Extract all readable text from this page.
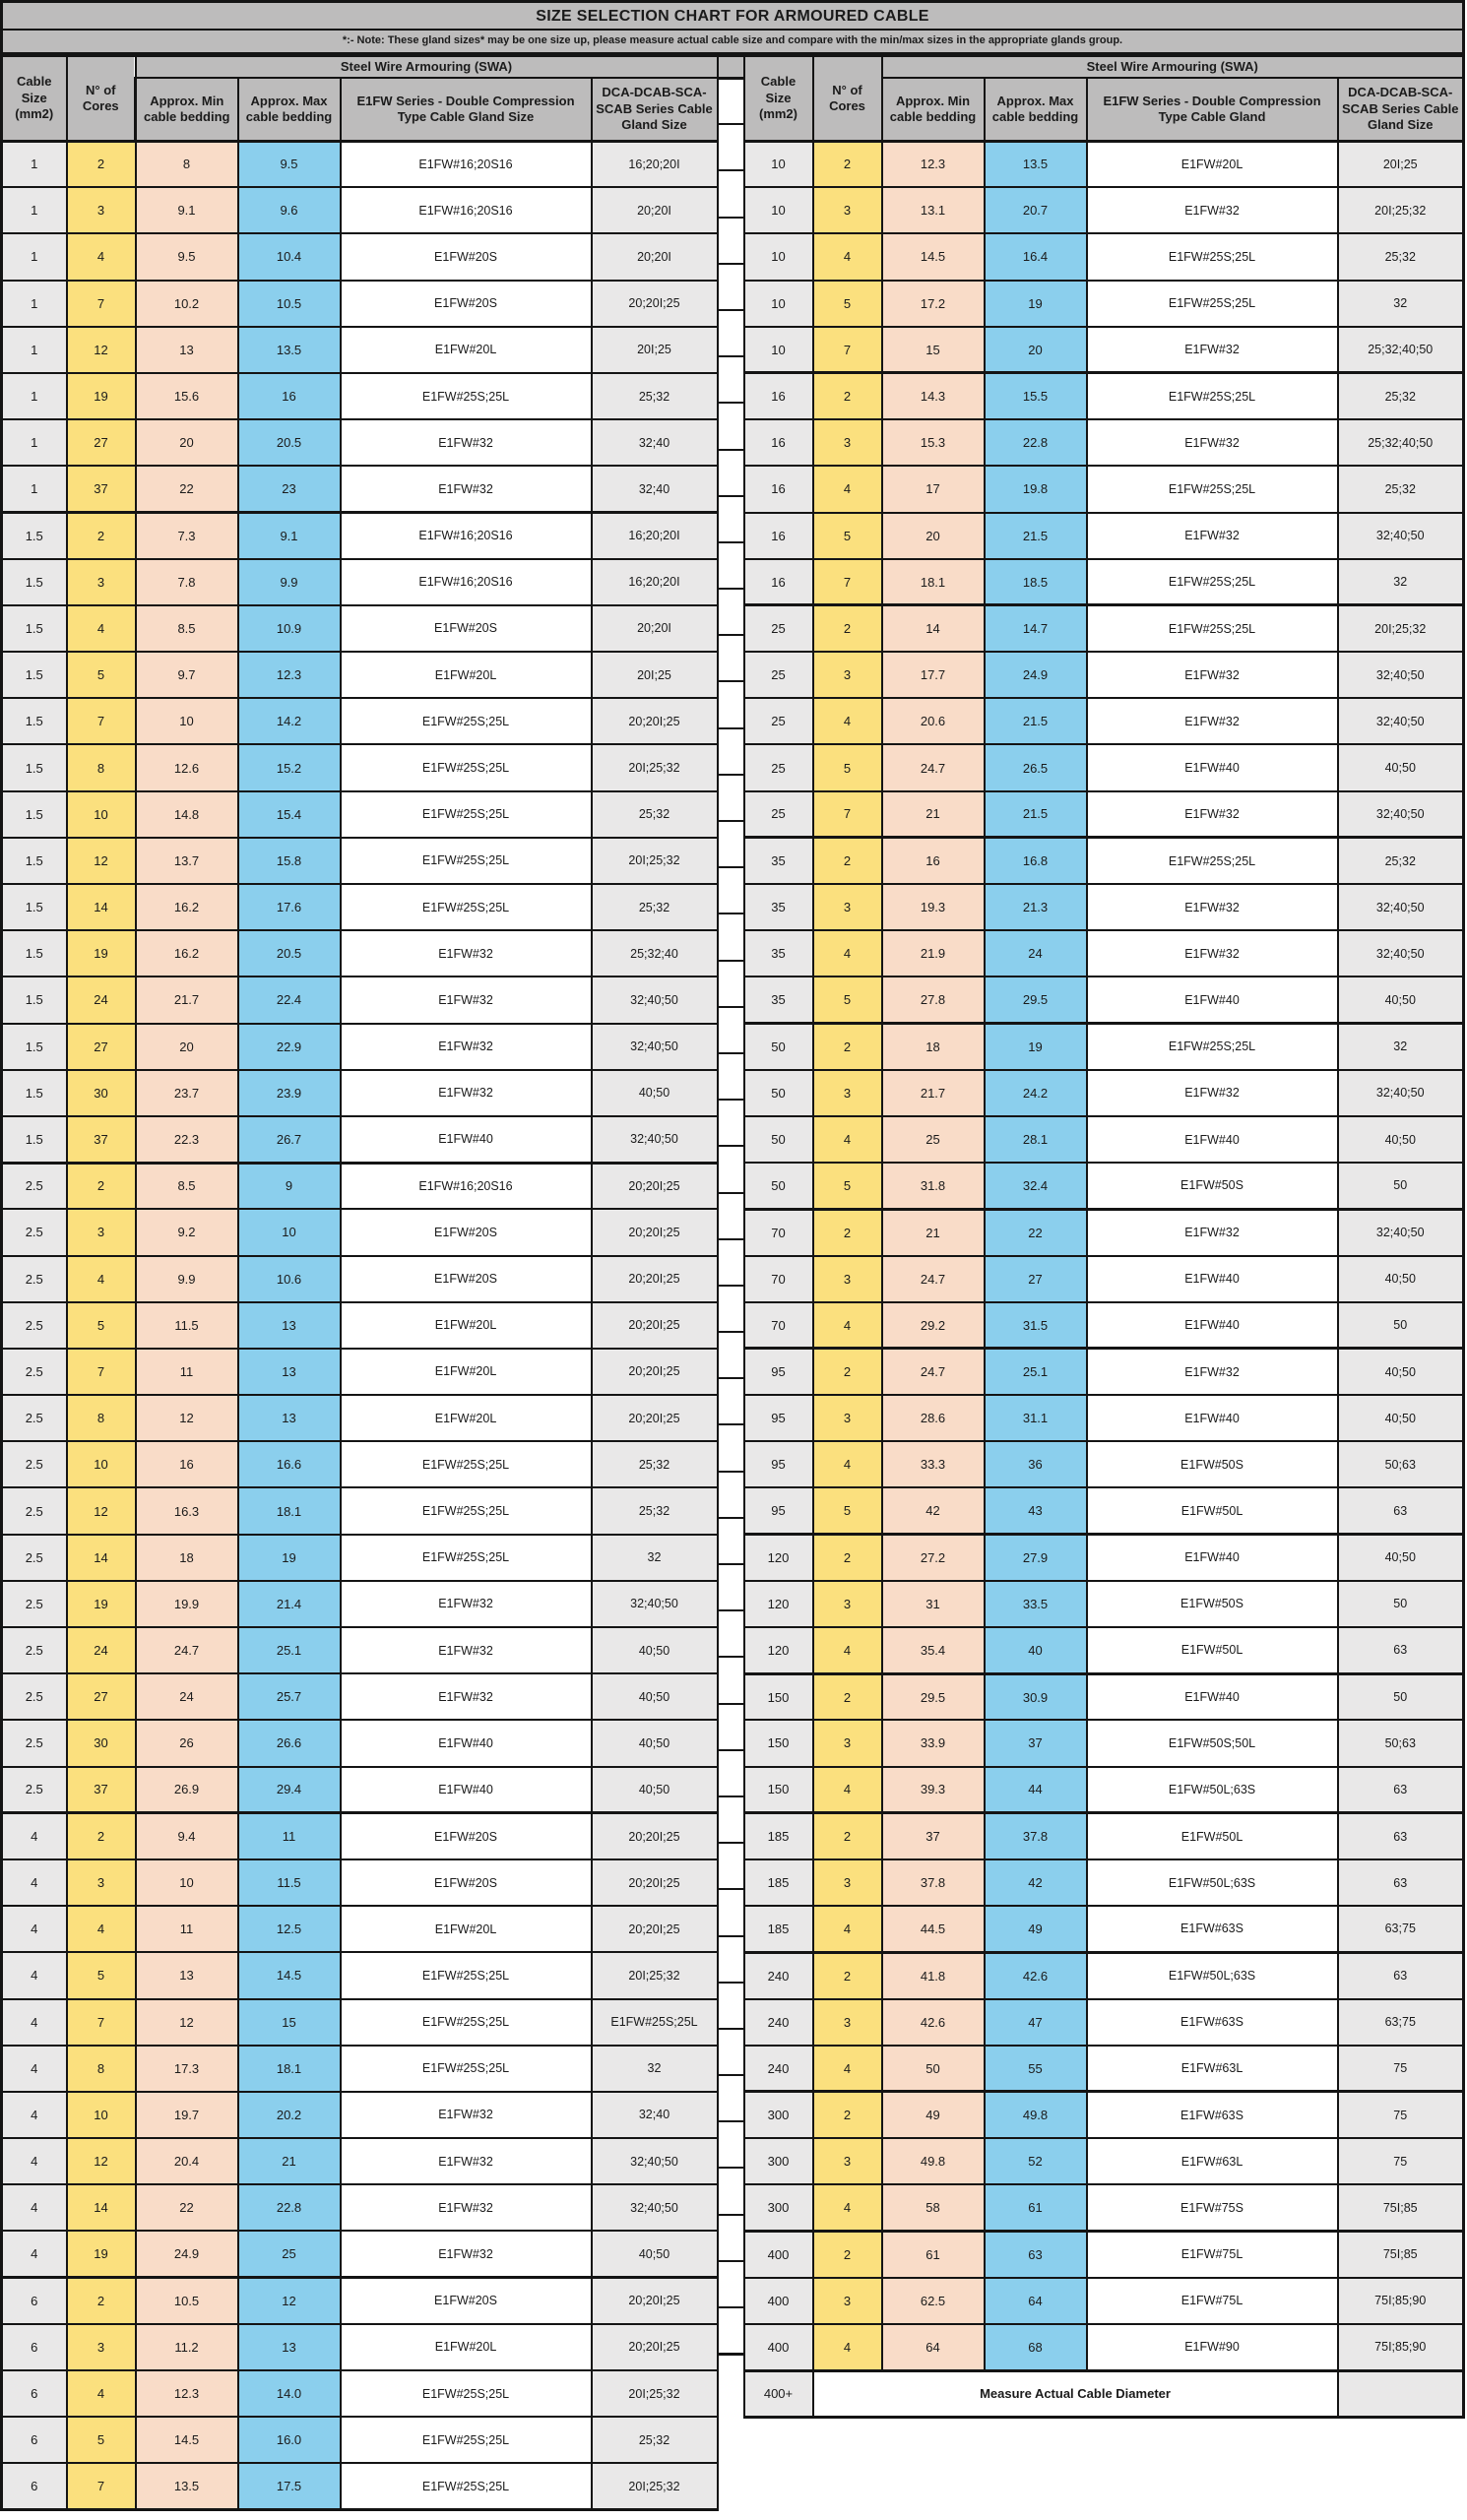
SIZE SELECTION CHART FOR ARMOURED CABLE
*:- Note: These gland sizes* may be one size up, please measure actual cable size and compare with the min/max sizes in the appropriate glands group.
Cable Size (mm2)	N° of Cores	Steel Wire Armouring (SWA)			
		Approx. Min cable bedding	Approx. Max cable bedding	E1FW Series - Double Compression Type Cable Gland Size	DCA-DCAB-SCA-SCAB Series Cable Gland Size
1	2	8	9.5	E1FW#16;20S16	16;20;20I
1	3	9.1	9.6	E1FW#16;20S16	20;20I
1	4	9.5	10.4	E1FW#20S	20;20I
1	7	10.2	10.5	E1FW#20S	20;20I;25
1	12	13	13.5	E1FW#20L	20I;25
1	19	15.6	16	E1FW#25S;25L	25;32
1	27	20	20.5	E1FW#32	32;40
1	37	22	23	E1FW#32	32;40
1.5	2	7.3	9.1	E1FW#16;20S16	16;20;20I
1.5	3	7.8	9.9	E1FW#16;20S16	16;20;20I
1.5	4	8.5	10.9	E1FW#20S	20;20I
1.5	5	9.7	12.3	E1FW#20L	20I;25
1.5	7	10	14.2	E1FW#25S;25L	20;20I;25
1.5	8	12.6	15.2	E1FW#25S;25L	20I;25;32
1.5	10	14.8	15.4	E1FW#25S;25L	25;32
1.5	12	13.7	15.8	E1FW#25S;25L	20I;25;32
1.5	14	16.2	17.6	E1FW#25S;25L	25;32
1.5	19	16.2	20.5	E1FW#32	25;32;40
1.5	24	21.7	22.4	E1FW#32	32;40;50
1.5	27	20	22.9	E1FW#32	32;40;50
1.5	30	23.7	23.9	E1FW#32	40;50
1.5	37	22.3	26.7	E1FW#40	32;40;50
2.5	2	8.5	9	E1FW#16;20S16	20;20I;25
2.5	3	9.2	10	E1FW#20S	20;20I;25
2.5	4	9.9	10.6	E1FW#20S	20;20I;25
2.5	5	11.5	13	E1FW#20L	20;20I;25
2.5	7	11	13	E1FW#20L	20;20I;25
2.5	8	12	13	E1FW#20L	20;20I;25
2.5	10	16	16.6	E1FW#25S;25L	25;32
2.5	12	16.3	18.1	E1FW#25S;25L	25;32
2.5	14	18	19	E1FW#25S;25L	32
2.5	19	19.9	21.4	E1FW#32	32;40;50
2.5	24	24.7	25.1	E1FW#32	40;50
2.5	27	24	25.7	E1FW#32	40;50
2.5	30	26	26.6	E1FW#40	40;50
2.5	37	26.9	29.4	E1FW#40	40;50
4	2	9.4	11	E1FW#20S	20;20I;25
4	3	10	11.5	E1FW#20S	20;20I;25
4	4	11	12.5	E1FW#20L	20;20I;25
4	5	13	14.5	E1FW#25S;25L	20I;25;32
4	7	12	15	E1FW#25S;25L	E1FW#25S;25L
4	8	17.3	18.1	E1FW#25S;25L	32
4	10	19.7	20.2	E1FW#32	32;40
4	12	20.4	21	E1FW#32	32;40;50
4	14	22	22.8	E1FW#32	32;40;50
4	19	24.9	25	E1FW#32	40;50
6	2	10.5	12	E1FW#20S	20;20I;25
6	3	11.2	13	E1FW#20L	20;20I;25
6	4	12.3	14.0	E1FW#25S;25L	20I;25;32
6	5	14.5	16.0	E1FW#25S;25L	25;32
6	7	13.5	17.5	E1FW#25S;25L	20I;25;32

Cable Size (mm2)	N° of Cores	Steel Wire Armouring (SWA)			
		Approx. Min cable bedding	Approx. Max cable bedding	E1FW Series - Double Compression Type Cable Gland	DCA-DCAB-SCA-SCAB Series Cable Gland Size
10	2	12.3	13.5	E1FW#20L	20I;25
10	3	13.1	20.7	E1FW#32	20I;25;32
10	4	14.5	16.4	E1FW#25S;25L	25;32
10	5	17.2	19	E1FW#25S;25L	32
10	7	15	20	E1FW#32	25;32;40;50
16	2	14.3	15.5	E1FW#25S;25L	25;32
16	3	15.3	22.8	E1FW#32	25;32;40;50
16	4	17	19.8	E1FW#25S;25L	25;32
16	5	20	21.5	E1FW#32	32;40;50
16	7	18.1	18.5	E1FW#25S;25L	32
25	2	14	14.7	E1FW#25S;25L	20I;25;32
25	3	17.7	24.9	E1FW#32	32;40;50
25	4	20.6	21.5	E1FW#32	32;40;50
25	5	24.7	26.5	E1FW#40	40;50
25	7	21	21.5	E1FW#32	32;40;50
35	2	16	16.8	E1FW#25S;25L	25;32
35	3	19.3	21.3	E1FW#32	32;40;50
35	4	21.9	24	E1FW#32	32;40;50
35	5	27.8	29.5	E1FW#40	40;50
50	2	18	19	E1FW#25S;25L	32
50	3	21.7	24.2	E1FW#32	32;40;50
50	4	25	28.1	E1FW#40	40;50
50	5	31.8	32.4	E1FW#50S	50
70	2	21	22	E1FW#32	32;40;50
70	3	24.7	27	E1FW#40	40;50
70	4	29.2	31.5	E1FW#40	50
95	2	24.7	25.1	E1FW#32	40;50
95	3	28.6	31.1	E1FW#40	40;50
95	4	33.3	36	E1FW#50S	50;63
95	5	42	43	E1FW#50L	63
120	2	27.2	27.9	E1FW#40	40;50
120	3	31	33.5	E1FW#50S	50
120	4	35.4	40	E1FW#50L	63
150	2	29.5	30.9	E1FW#40	50
150	3	33.9	37	E1FW#50S;50L	50;63
150	4	39.3	44	E1FW#50L;63S	63
185	2	37	37.8	E1FW#50L	63
185	3	37.8	42	E1FW#50L;63S	63
185	4	44.5	49	E1FW#63S	63;75
240	2	41.8	42.6	E1FW#50L;63S	63
240	3	42.6	47	E1FW#63S	63;75
240	4	50	55	E1FW#63L	75
300	2	49	49.8	E1FW#63S	75
300	3	49.8	52	E1FW#63L	75
300	4	58	61	E1FW#75S	75I;85
400	2	61	63	E1FW#75L	75I;85
400	3	62.5	64	E1FW#75L	75I;85;90
400	4	64	68	E1FW#90	75I;85;90
400+	Measure Actual Cable Diameter				
